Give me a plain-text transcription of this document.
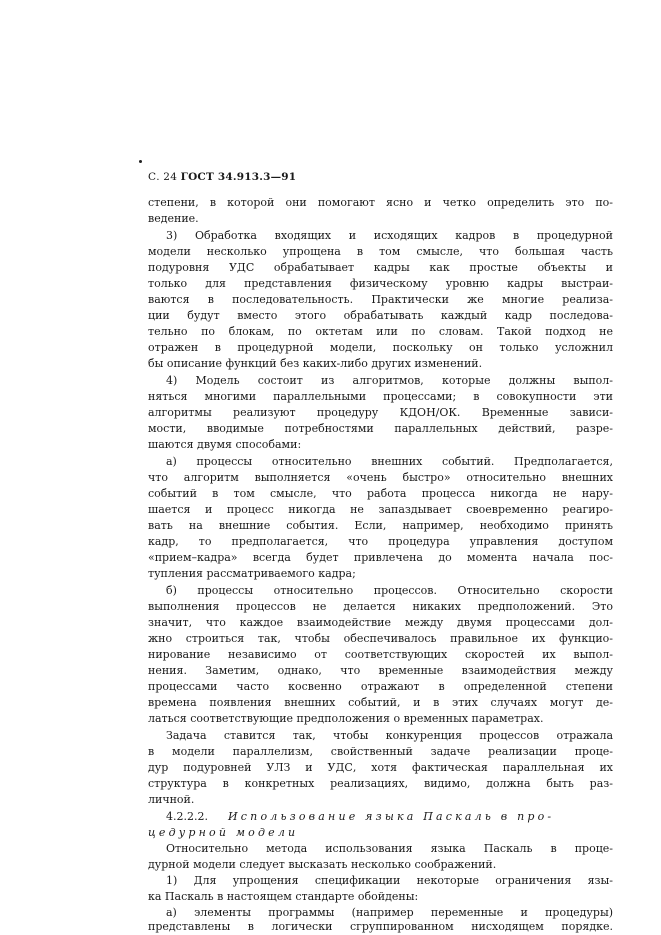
С. 24 ГОСТ 34.913.3—91
степени, в которой они помогают ясно и четко определить это по-
ведение.
3) Обработка входящих и исходящих кадров в процедурной
модели несколько упрощена в том смысле, что большая часть
подуровня УДС обрабатывает кадры как простые объекты и
только для представления физическому уровню кадры выстраи-
ваются в последовательность. Практически же многие реализа-
ции будут вместо этого обрабатывать каждый кадр последова-
тельно по блокам, по октетам или по словам. Такой подход не
отражен в процедурной модели, поскольку он только усложнил
бы описание функций без каких-либо других изменений.
4) Модель состоит из алгоритмов, которые должны выпол-
няться многими параллельными процессами; в совокупности эти
алгоритмы реализуют процедуру КДОН/ОК. Временные зависи-
мости, вводимые потребностями параллельных действий, разре-
шаются двумя способами:
а) процессы относительно внешних событий. Предполагается,
что алгоритм выполняется «очень быстро» относительно внешних
событий в том смысле, что работа процесса никогда не нару-
шается и процесс никогда не запаздывает своевременно реагиро-
вать на внешние события. Если, например, необходимо принять
кадр, то предполагается, что процедура управления доступом
«прием–кадра» всегда будет привлечена до момента начала пос-
тупления рассматриваемого кадра;
б) процессы относительно процессов. Относительно скорости
выполнения процессов не делается никаких предположений. Это
значит, что каждое взаимодействие между двумя процессами дол-
жно строиться так, чтобы обеспечивалось правильное их функцио-
нирование независимо от соответствующих скоростей их выпол-
нения. Заметим, однако, что временные взаимодействия между
процессами часто косвенно отражают в определенной степени
времена появления внешних событий, и в этих случаях могут де-
латься соответствующие предположения о временных параметрах.
Задача ставится так, чтобы конкуренция процессов отражала
в модели параллелизм, свойственный задаче реализации проце-
дур подуровней УЛЗ и УДС, хотя фактическая параллельная их
структура в конкретных реализациях, видимо, должна быть раз-
личной.
4.2.2.2. Использование языка Паскаль в про-
цедурной модели
Относительно метода использования языка Паскаль в проце-
дурной модели следует высказать несколько соображений.
1) Для упрощения спецификации некоторые ограничения язы-
ка Паскаль в настоящем стандарте обойдены:
а) элементы программы (например переменные и процедуры)
представлены в логически сгруппированном нисходящем порядке.
